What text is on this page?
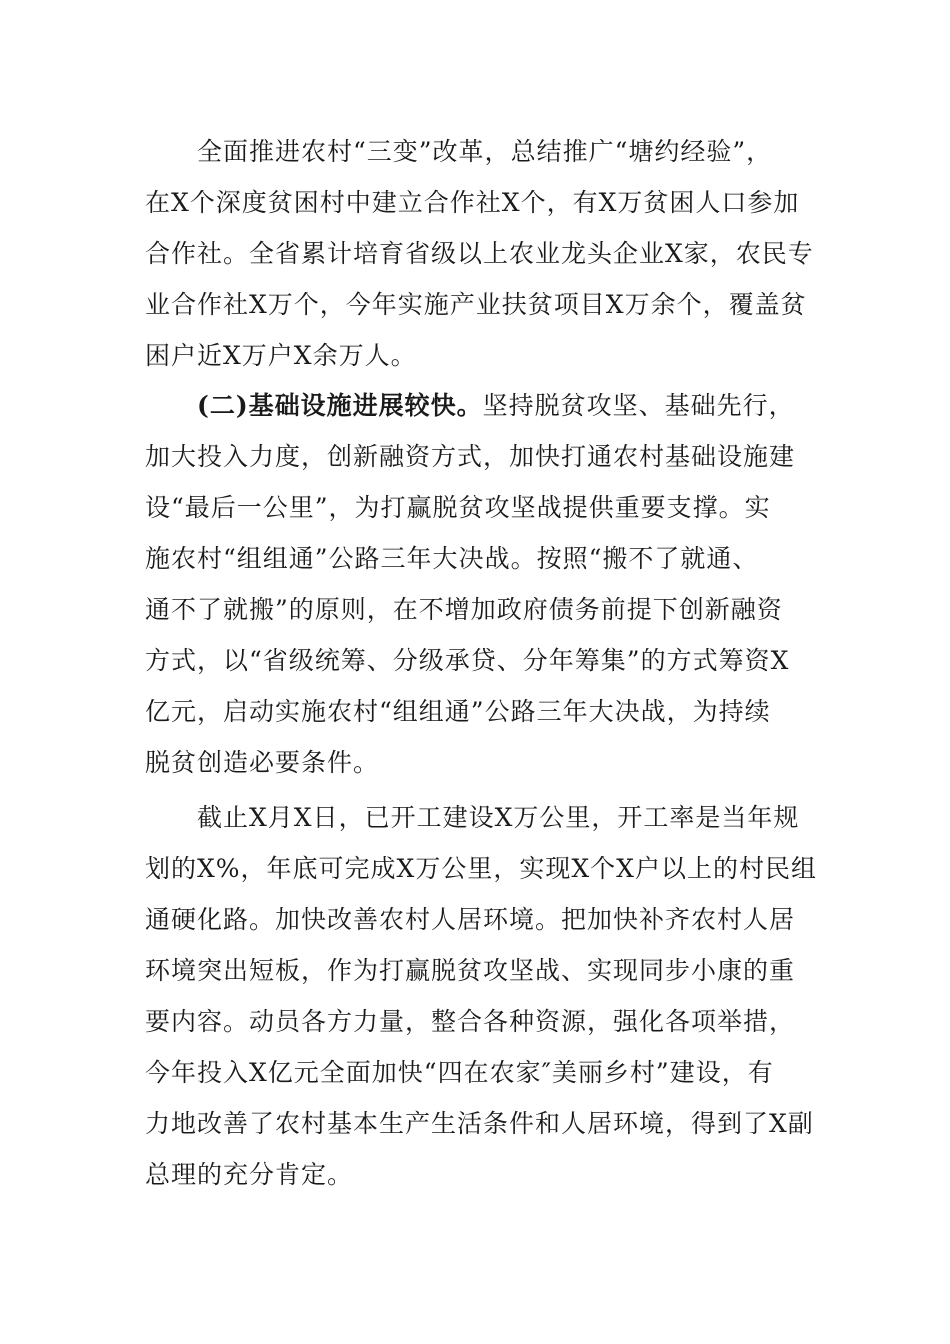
全面推进农村“三变”改革，总结推广“塘约经验”，
在X个深度贫困村中建立合作社X个，有X万贫困人口参加
合作社。全省累计培育省级以上农业龙头企业X家，农民专
业合作社X万个，今年实施产业扶贫项目X万余个，覆盖贫
困户近X万户X余万人。
(二)基础设施进展较快。坚持脱贫攻坚、基础先行，
加大投入力度，创新融资方式，加快打通农村基础设施建
设“最后一公里”，为打赢脱贫攻坚战提供重要支撑。实
施农村“组组通”公路三年大决战。按照“搬不了就通、
通不了就搬”的原则，在不增加政府债务前提下创新融资
方式，以“省级统筹、分级承贷、分年筹集”的方式筹资X
亿元，启动实施农村“组组通”公路三年大决战，为持续
脱贫创造必要条件。
截止X月X日，已开工建设X万公里，开工率是当年规
划的X%，年底可完成X万公里，实现X个X户以上的村民组
通硬化路。加快改善农村人居环境。把加快补齐农村人居
环境突出短板，作为打赢脱贫攻坚战、实现同步小康的重
要内容。动员各方力量，整合各种资源，强化各项举措，
今年投入X亿元全面加快“四在农家″美丽乡村”建设，有
力地改善了农村基本生产生活条件和人居环境，得到了X副
总理的充分肯定。
